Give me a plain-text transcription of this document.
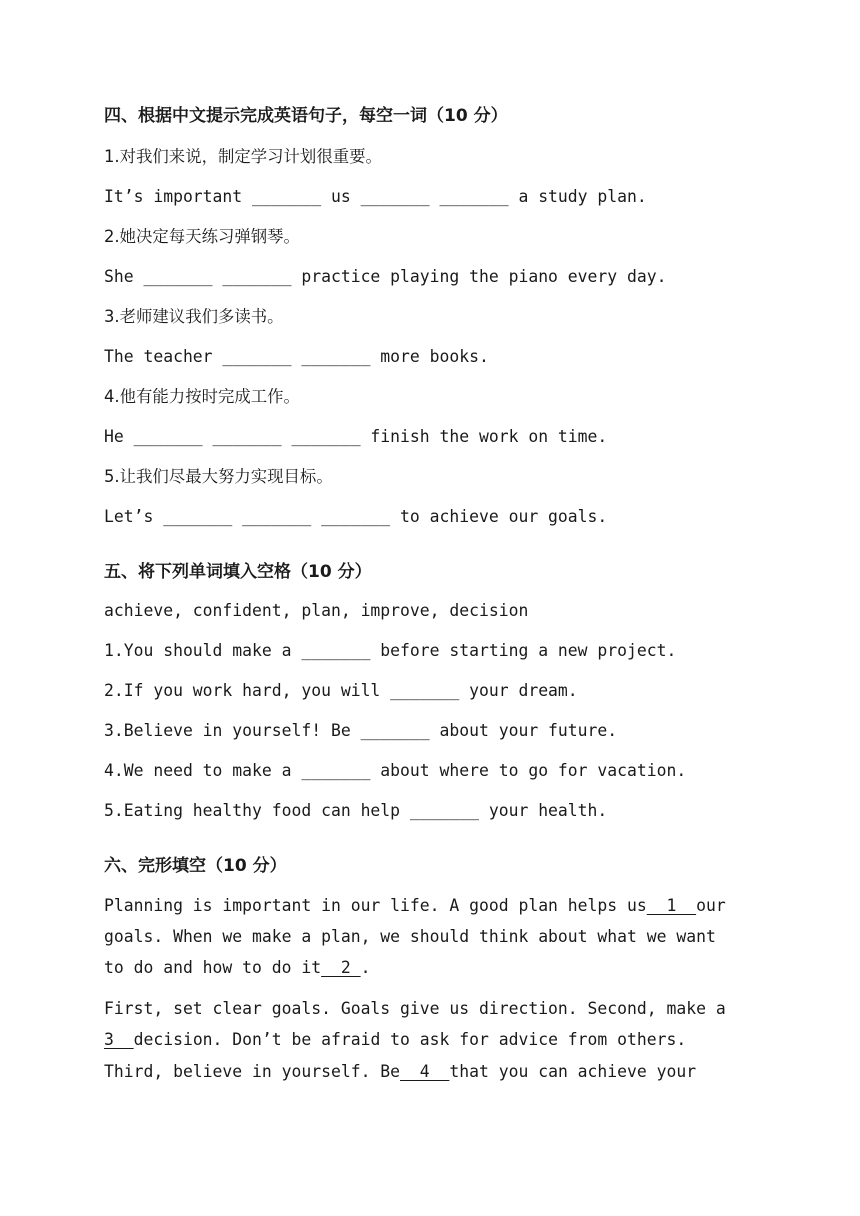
四、根据中文提示完成英语句子，每空一词（10 分）
1.对我们来说，制定学习计划很重要。
It’s important _______ us _______ _______ a study plan.
2.她决定每天练习弹钢琴。
She _______ _______ practice playing the piano every day.
3.老师建议我们多读书。
The teacher _______ _______ more books.
4.他有能力按时完成工作。
He _______ _______ _______ finish the work on time.
5.让我们尽最大努力实现目标。
Let’s _______ _______ _______ to achieve our goals.
五、将下列单词填入空格（10 分）
achieve, confident, plan, improve, decision
1.You should make a _______ before starting a new project.
2.If you work hard, you will _______ your dream.
3.Believe in yourself! Be _______ about your future.
4.We need to make a _______ about where to go for vacation.
5.Eating healthy food can help _______ your health.
六、完形填空（10 分）
Planning is important in our life. A good plan helps us  1  our
goals. When we make a plan, we should think about what we want
to do and how to do it  2 .
First, set clear goals. Goals give us direction. Second, make a
3  decision. Don’t be afraid to ask for advice from others.
Third, believe in yourself. Be  4  that you can achieve your
